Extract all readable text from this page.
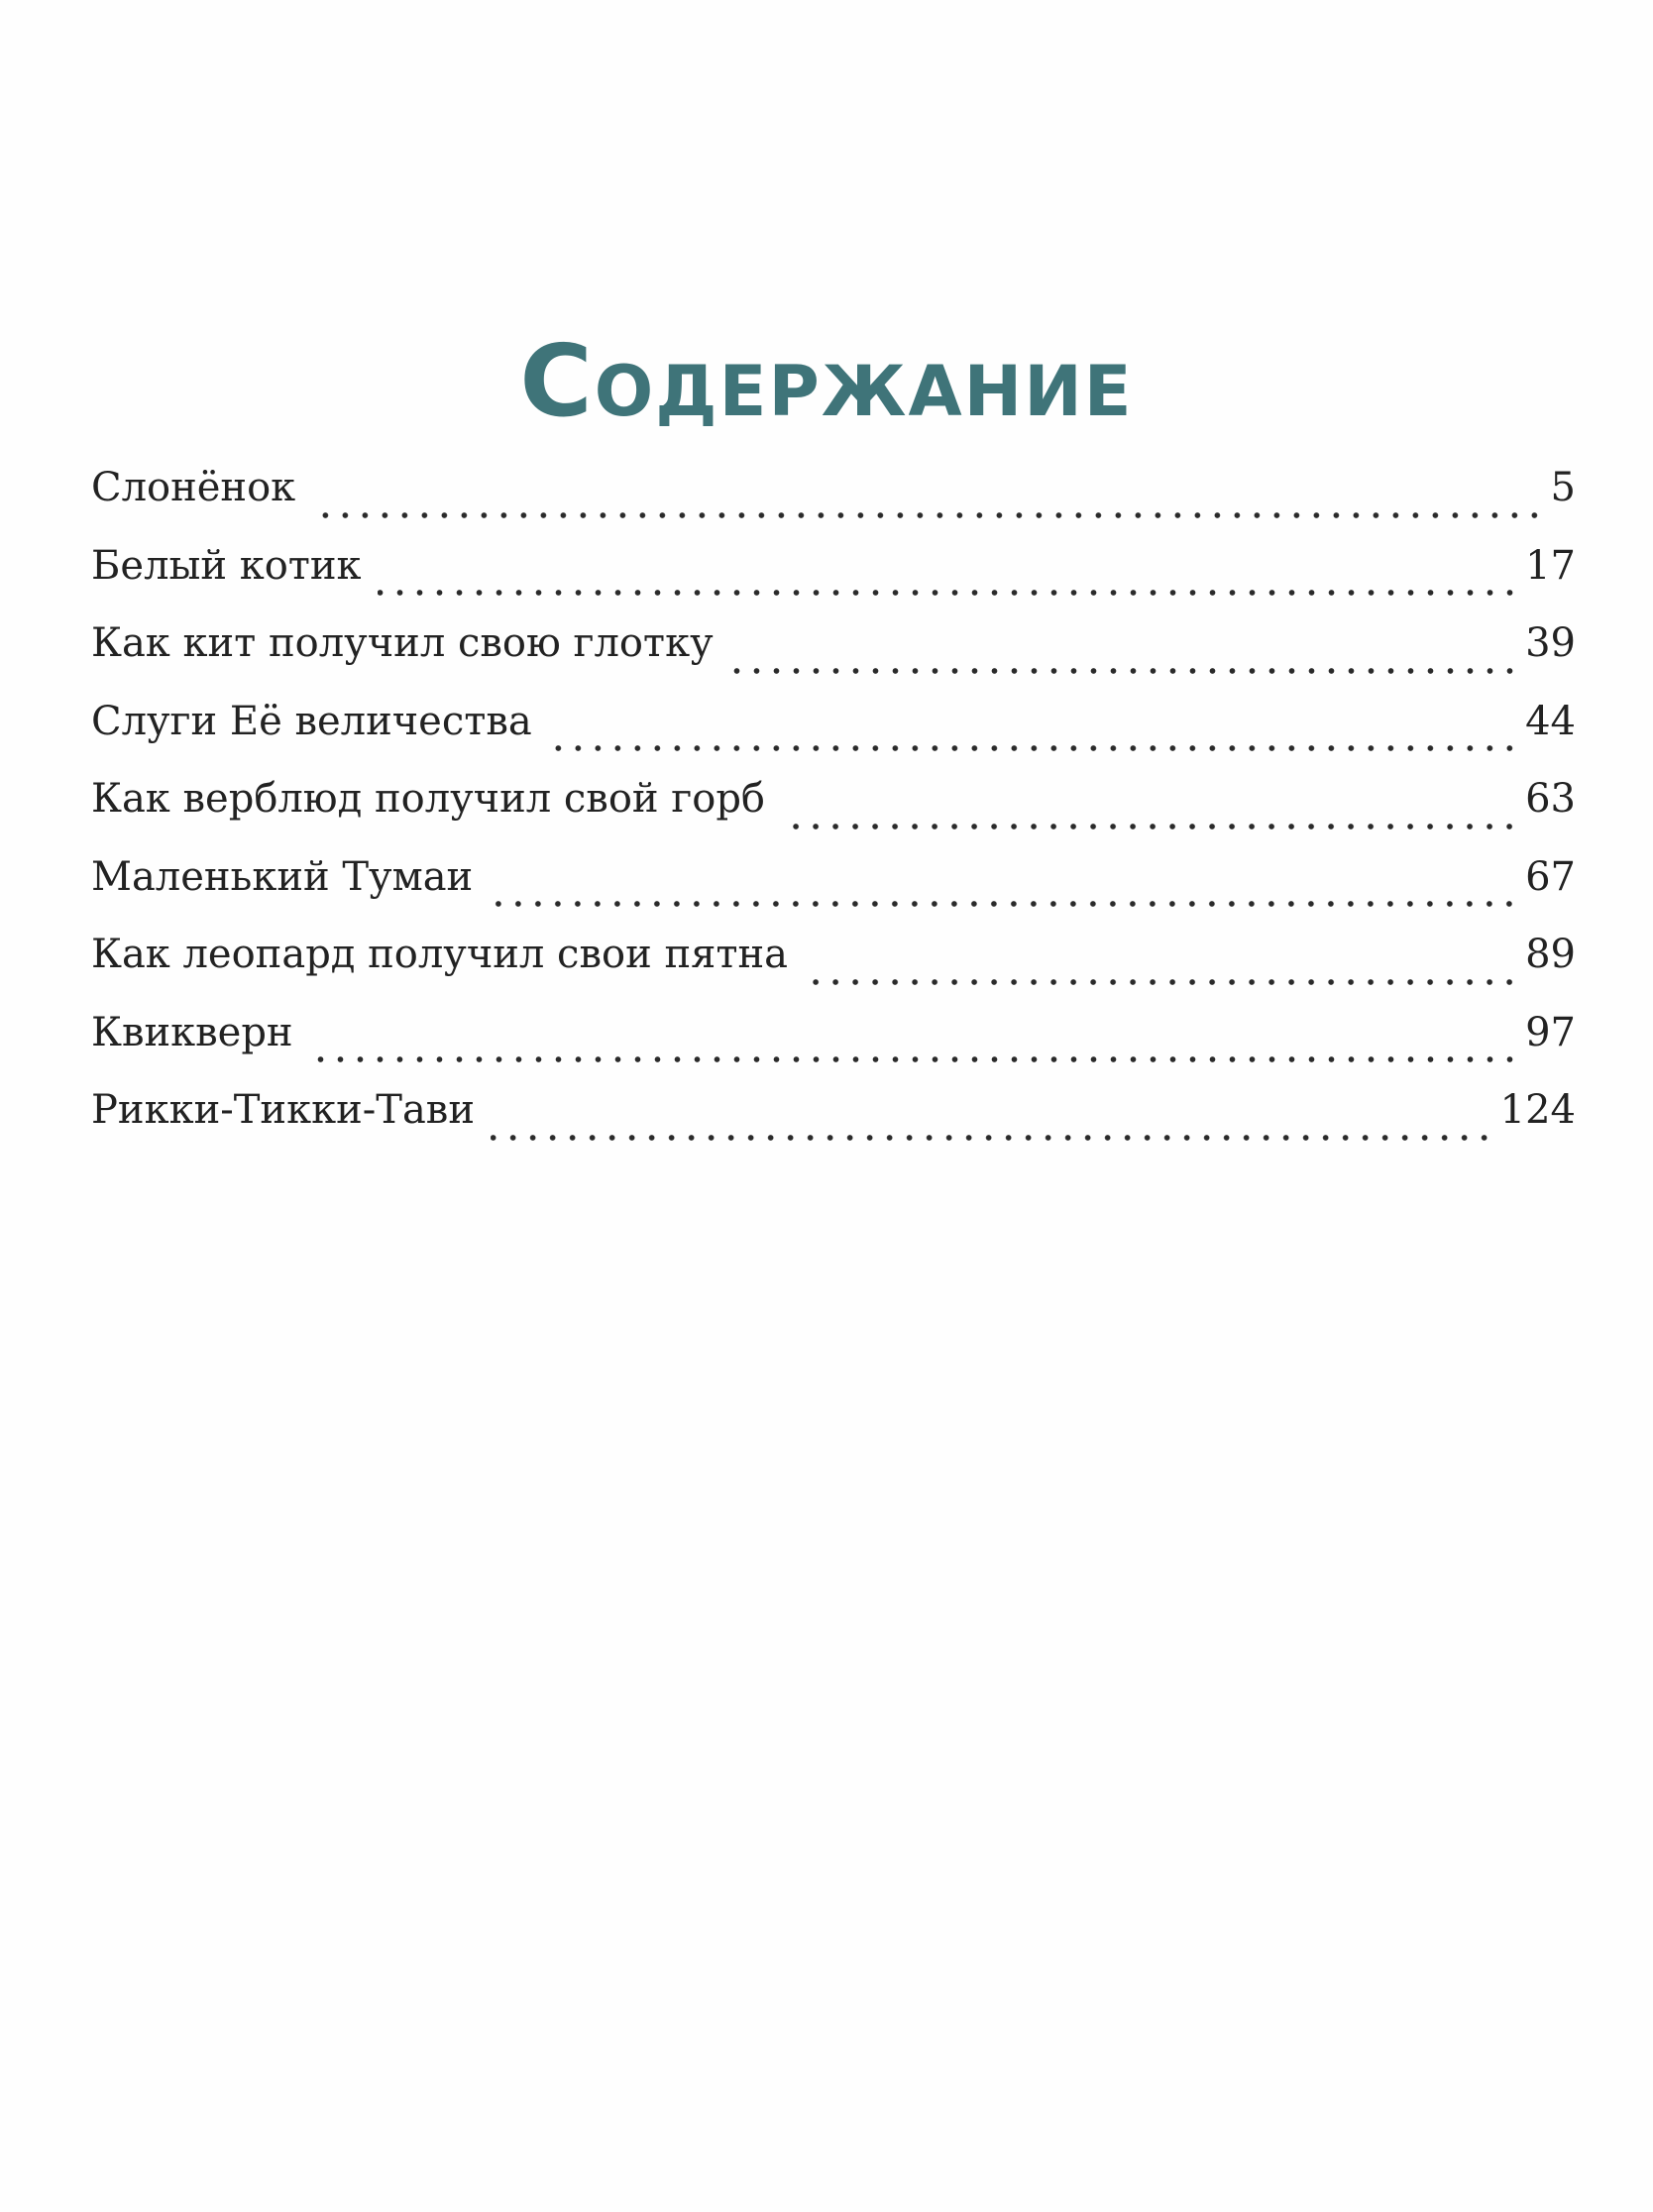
Содержание
Слонёнок	5
Белый котик	17
Как кит получил свою глотку	39
Слуги Её величества	44
Как верблюд получил свой горб	63
Маленький Тумаи	67
Как леопард получил свои пятна	89
Квикверн	97
Рикки-Тикки-Тави	124
